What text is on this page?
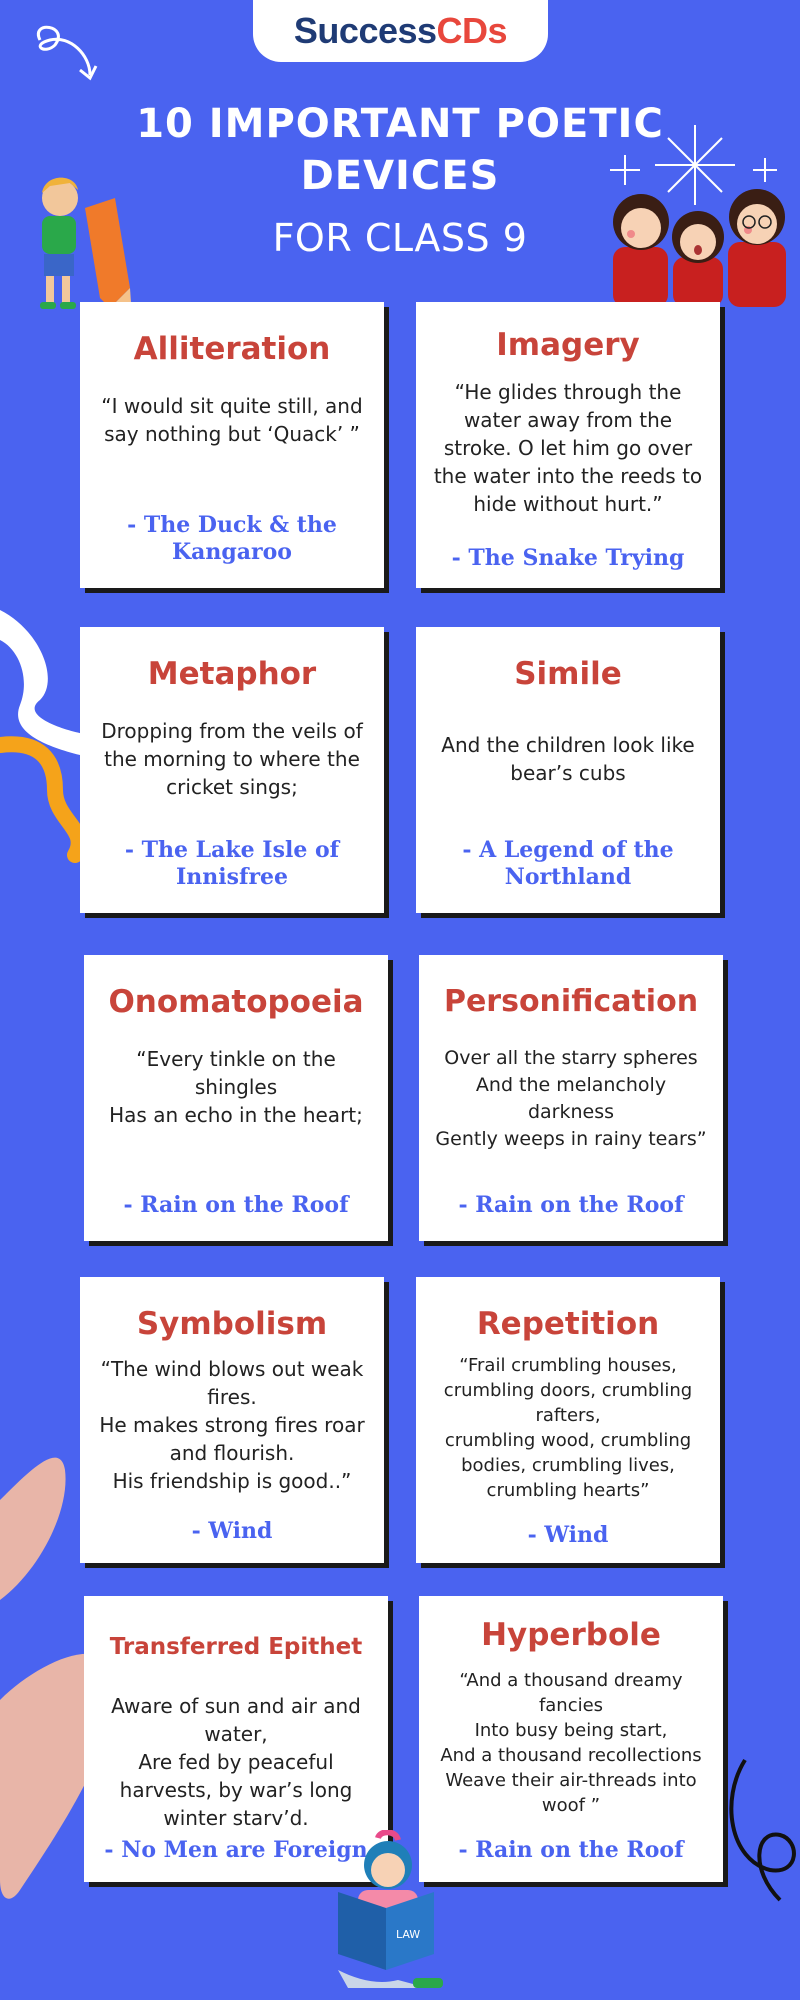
Success CDs
10 IMPORTANT POETIC
DEVICES
FOR CLASS 9
Alliteration
“I would sit quite still, and say nothing but ‘Quack’ ”
- The Duck & the
Kangaroo
Imagery
“He glides through the water away from the stroke. O let him go over the water into the reeds to hide without hurt.”
- The Snake Trying
Metaphor
Dropping from the veils of the morning to where the cricket sings;
- The Lake Isle of
Innisfree
Simile
And the children look like bear’s cubs
- A Legend of the
Northland
Onomatopoeia
“Every tinkle on the shingles
Has an echo in the heart;
- Rain on the Roof
Personification
Over all the starry spheres
And the melancholy darkness
Gently weeps in rainy tears”
- Rain on the Roof
Symbolism
“The wind blows out weak fires.
He makes strong fires roar and flourish.
His friendship is good..”
- Wind
Repetition
“Frail crumbling houses, crumbling doors, crumbling rafters,
crumbling wood, crumbling bodies, crumbling lives, crumbling hearts”
- Wind
Transferred Epithet
Aware of sun and air and water,
Are fed by peaceful harvests, by war’s long winter starv’d.
- No Men are Foreign
Hyperbole
“And a thousand dreamy fancies
Into busy being start,
And a thousand recollections
Weave their air-threads into woof ”
- Rain on the Roof
LAW
